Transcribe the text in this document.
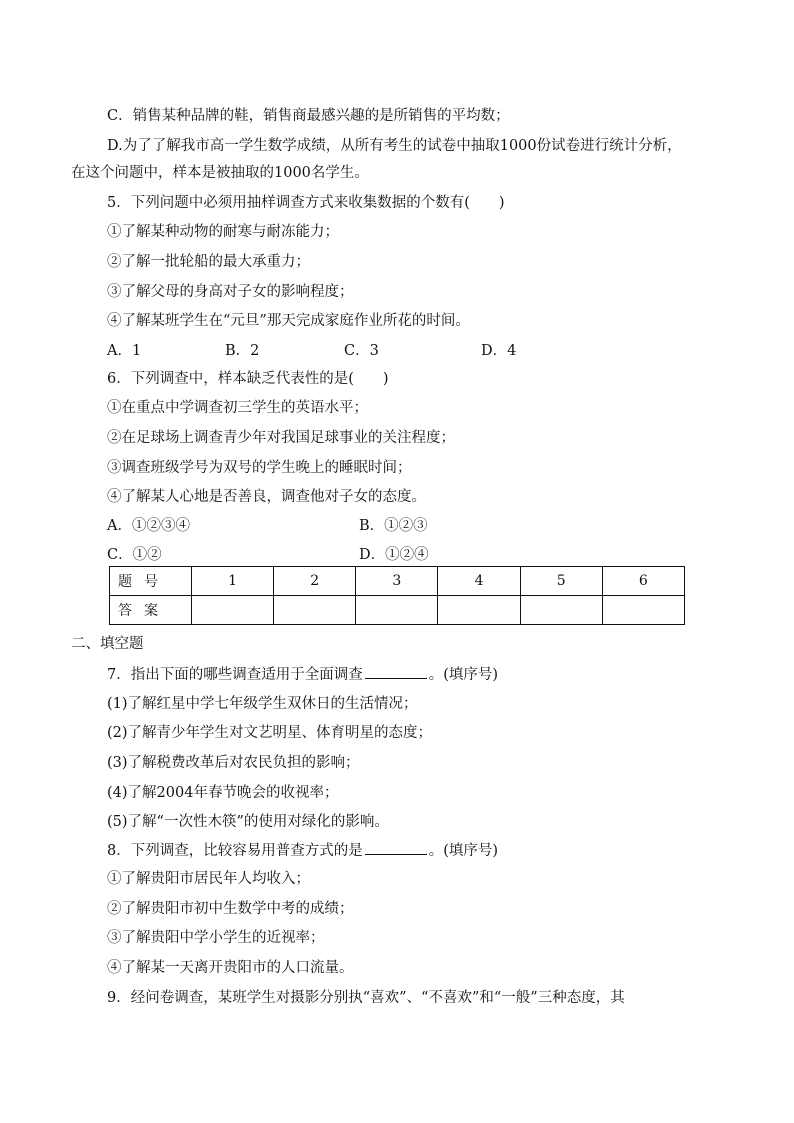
C．销售某种品牌的鞋，销售商最感兴趣的是所销售的平均数；
D.为了了解我市高一学生数学成绩，从所有考生的试卷中抽取1000份试卷进行统计分析，
在这个问题中，样本是被抽取的1000名学生。
5．下列问题中必须用抽样调查方式来收集数据的个数有(　　)
①了解某种动物的耐寒与耐冻能力；
②了解一批轮船的最大承重力；
③了解父母的身高对子女的影响程度；
④了解某班学生在“元旦”那天完成家庭作业所花的时间。
A．1	B．2	C．3	D．4
6．下列调查中，样本缺乏代表性的是(　　)
①在重点中学调查初三学生的英语水平；
②在足球场上调查青少年对我国足球事业的关注程度；
③调查班级学号为双号的学生晚上的睡眠时间；
④了解某人心地是否善良，调查他对子女的态度。
A．①②③④	B．①②③
C．①②	D．①②④
题号	1	2	3	4	5	6
答案						
二、填空题
7．指出下面的哪些调查适用于全面调查	。(填序号)
(1)了解红星中学七年级学生双休日的生活情况；
(2)了解青少年学生对文艺明星、体育明星的态度；
(3)了解税费改革后对农民负担的影响；
(4)了解2004年春节晚会的收视率；
(5)了解“一次性木筷”的使用对绿化的影响。
8．下列调查，比较容易用普查方式的是	。(填序号)
①了解贵阳市居民年人均收入；
②了解贵阳市初中生数学中考的成绩；
③了解贵阳中学小学生的近视率；
④了解某一天离开贵阳市的人口流量。
9．经问卷调查，某班学生对摄影分别执“喜欢”、“不喜欢”和“一般”三种态度，其
